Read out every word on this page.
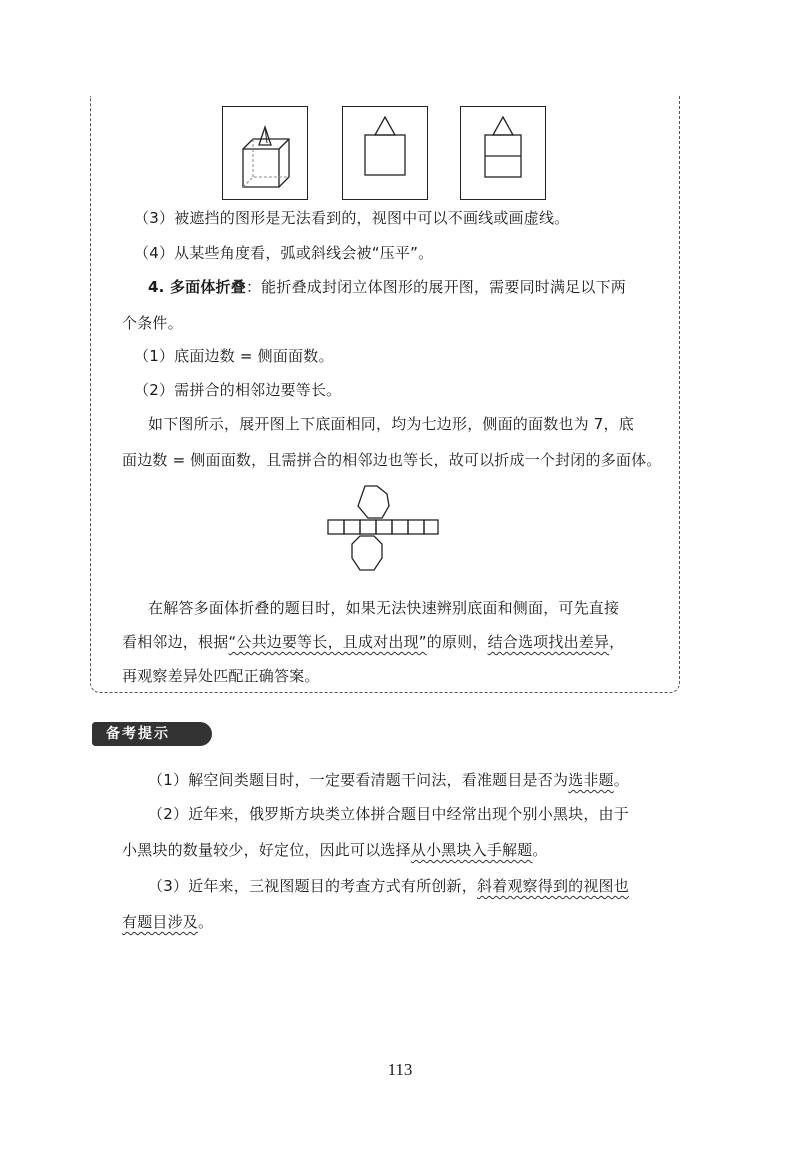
（3）被遮挡的图形是无法看到的，视图中可以不画线或画虚线。
（4）从某些角度看，弧或斜线会被“压平”。
4. 多面体折叠：能折叠成封闭立体图形的展开图，需要同时满足以下两
个条件。
（1）底面边数 = 侧面面数。
（2）需拼合的相邻边要等长。
如下图所示，展开图上下底面相同，均为七边形，侧面的面数也为 7，底
面边数 = 侧面面数，且需拼合的相邻边也等长，故可以折成一个封闭的多面体。
在解答多面体折叠的题目时，如果无法快速辨别底面和侧面，可先直接
看相邻边，根据“公共边要等长，且成对出现”的原则，结合选项找出差异，
再观察差异处匹配正确答案。
备考提示
（1）解空间类题目时，一定要看清题干问法，看准题目是否为选非题。
（2）近年来，俄罗斯方块类立体拼合题目中经常出现个别小黑块，由于
小黑块的数量较少，好定位，因此可以选择从小黑块入手解题。
（3）近年来，三视图题目的考查方式有所创新，斜着观察得到的视图也
有题目涉及。
113
